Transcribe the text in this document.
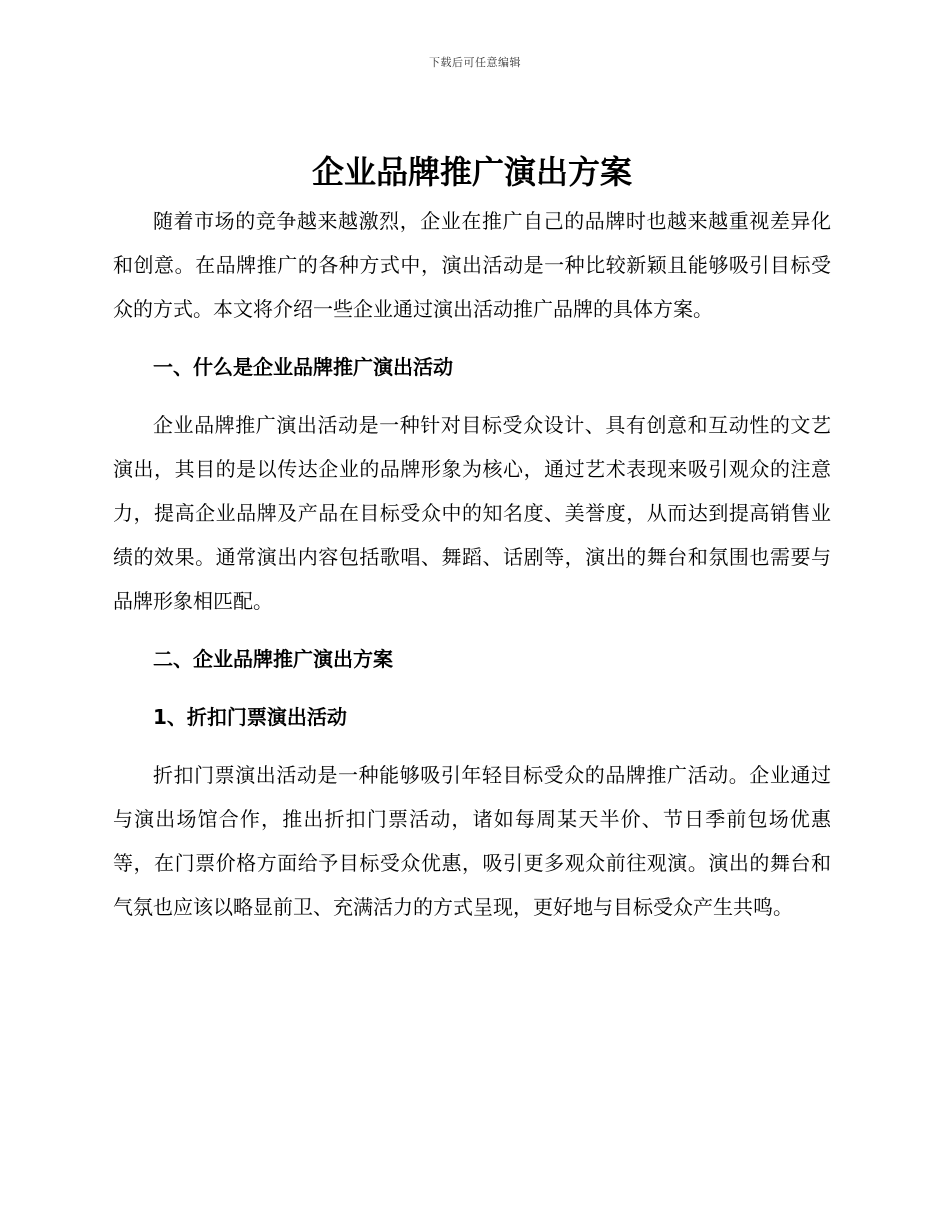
下载后可任意编辑
企业品牌推广演出方案

随着市场的竞争越来越激烈，企业在推广自己的品牌时也越来越重视差异化和创意。在品牌推广的各种方式中，演出活动是一种比较新颖且能够吸引目标受众的方式。本文将介绍一些企业通过演出活动推广品牌的具体方案。

一、什么是企业品牌推广演出活动

企业品牌推广演出活动是一种针对目标受众设计、具有创意和互动性的文艺演出，其目的是以传达企业的品牌形象为核心，通过艺术表现来吸引观众的注意力，提高企业品牌及产品在目标受众中的知名度、美誉度，从而达到提高销售业绩的效果。通常演出内容包括歌唱、舞蹈、话剧等，演出的舞台和氛围也需要与品牌形象相匹配。

二、企业品牌推广演出方案
1、折扣门票演出活动

折扣门票演出活动是一种能够吸引年轻目标受众的品牌推广活动。企业通过与演出场馆合作，推出折扣门票活动，诸如每周某天半价、节日季前包场优惠等，在门票价格方面给予目标受众优惠，吸引更多观众前往观演。演出的舞台和气氛也应该以略显前卫、充满活力的方式呈现，更好地与目标受众产生共鸣。
